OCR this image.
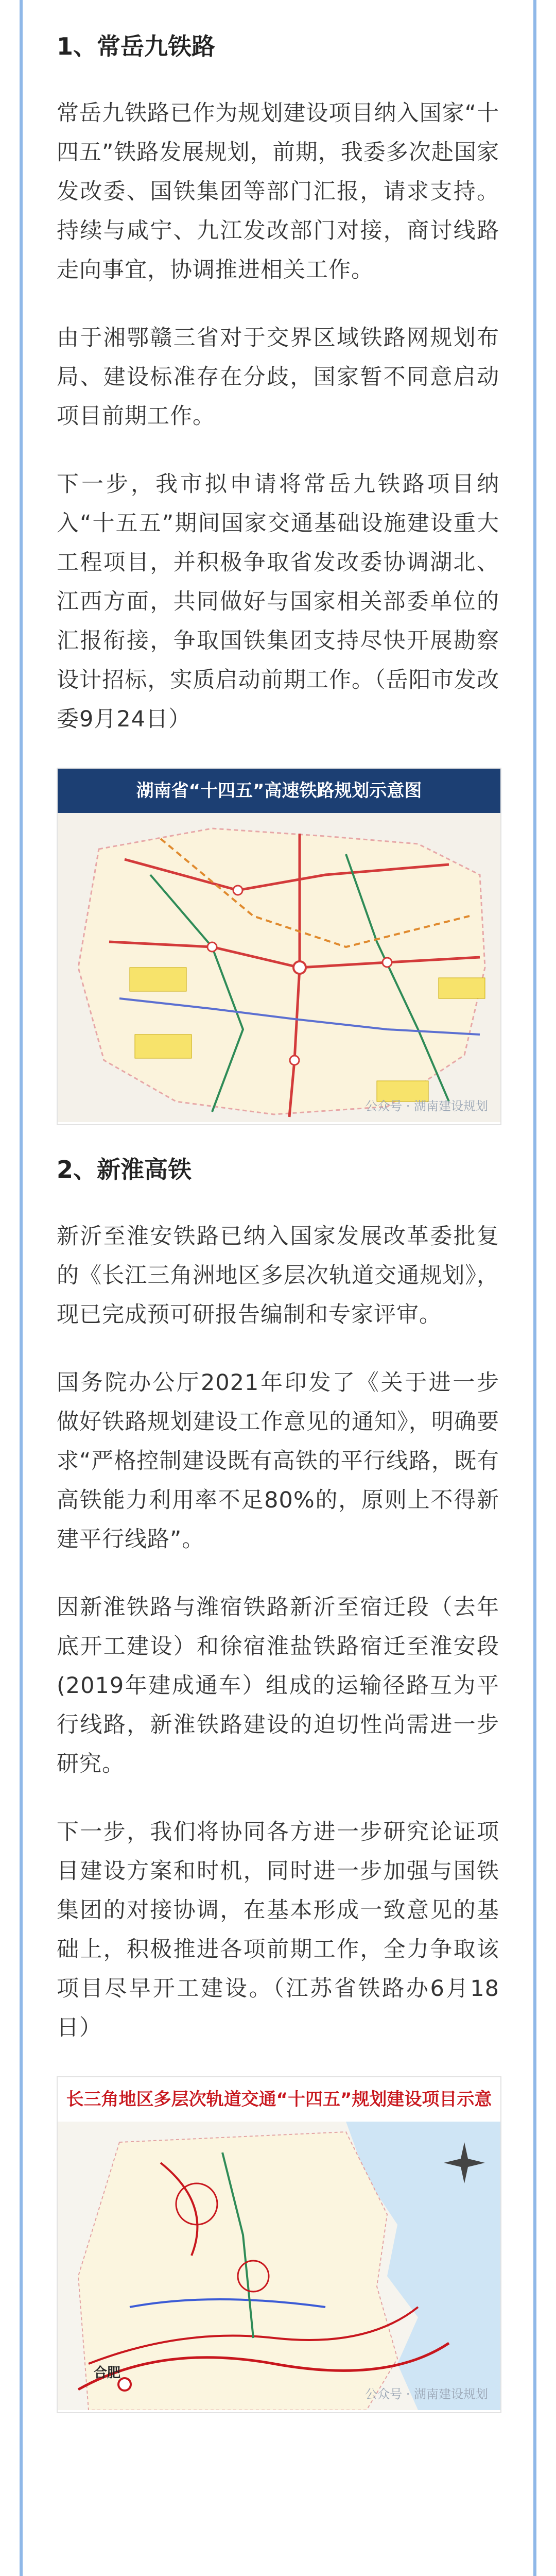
1、常岳九铁路

常岳九铁路已作为规划建设项目纳入国家“十四五”铁路发展规划，前期，我委多次赴国家发改委、国铁集团等部门汇报，请求支持。持续与咸宁、九江发改部门对接，商讨线路走向事宜，协调推进相关工作。

由于湘鄂赣三省对于交界区域铁路网规划布局、建设标准存在分歧，国家暂不同意启动项目前期工作。

下一步，我市拟申请将常岳九铁路项目纳入“十五五”期间国家交通基础设施建设重大工程项目，并积极争取省发改委协调湖北、江西方面，共同做好与国家相关部委单位的汇报衔接，争取国铁集团支持尽快开展勘察设计招标，实质启动前期工作。（岳阳市发改委9月24日）

湖南省“十四五”高速铁路规划示意图
公众号 · 湖南建设规划
2、新淮高铁

新沂至淮安铁路已纳入国家发展改革委批复的《长江三角洲地区多层次轨道交通规划》，现已完成预可研报告编制和专家评审。

国务院办公厅2021年印发了《关于进一步做好铁路规划建设工作意见的通知》，明确要求“严格控制建设既有高铁的平行线路，既有高铁能力利用率不足80%的，原则上不得新建平行线路”。

因新淮铁路与潍宿铁路新沂至宿迁段（去年底开工建设）和徐宿淮盐铁路宿迁至淮安段(2019年建成通车）组成的运输径路互为平行线路，新淮铁路建设的迫切性尚需进一步研究。

下一步，我们将协同各方进一步研究论证项目建设方案和时机，同时进一步加强与国铁集团的对接协调，在基本形成一致意见的基础上，积极推进各项前期工作，全力争取该项目尽早开工建设。（江苏省铁路办6月18日）

长三角地区多层次轨道交通“十四五”规划建设项目示意
合肥
公众号 · 湖南建设规划
